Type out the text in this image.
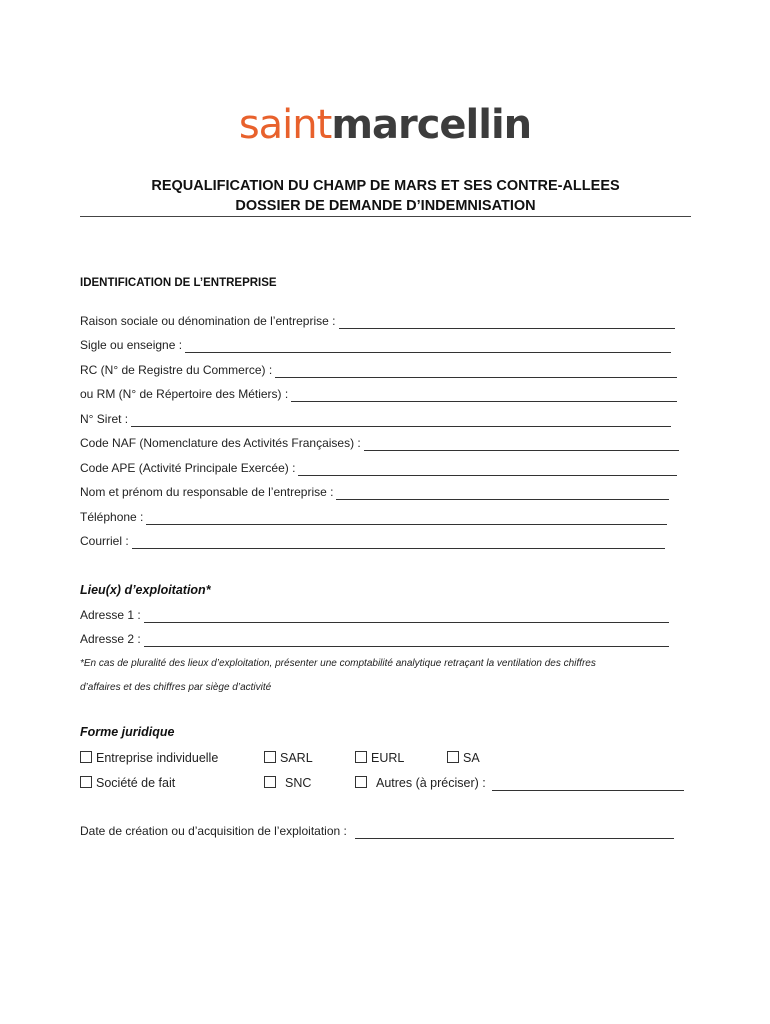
saintmarcellin
REQUALIFICATION DU CHAMP DE MARS ET SES CONTRE-ALLEES
DOSSIER DE DEMANDE D’INDEMNISATION
IDENTIFICATION DE L’ENTREPRISE
Raison sociale ou dénomination de l’entreprise :
Sigle ou enseigne :
RC (N° de Registre du Commerce) :
ou RM (N° de Répertoire des Métiers) :
N° Siret :
Code NAF (Nomenclature des Activités Françaises) :
Code APE (Activité Principale Exercée) :
Nom et prénom du responsable de l’entreprise :
Téléphone :
Courriel :
Lieu(x) d’exploitation*
Adresse 1 :
Adresse 2 :
*En cas de pluralité des lieux d’exploitation, présenter une comptabilité analytique retraçant la ventilation des chiffres
d’affaires et des chiffres par siège d’activité
Forme juridique
Entreprise individuelle	SARL	EURL	SA
Société de fait	SNC	Autres (à préciser) :
Date de création ou d’acquisition de l’exploitation :
